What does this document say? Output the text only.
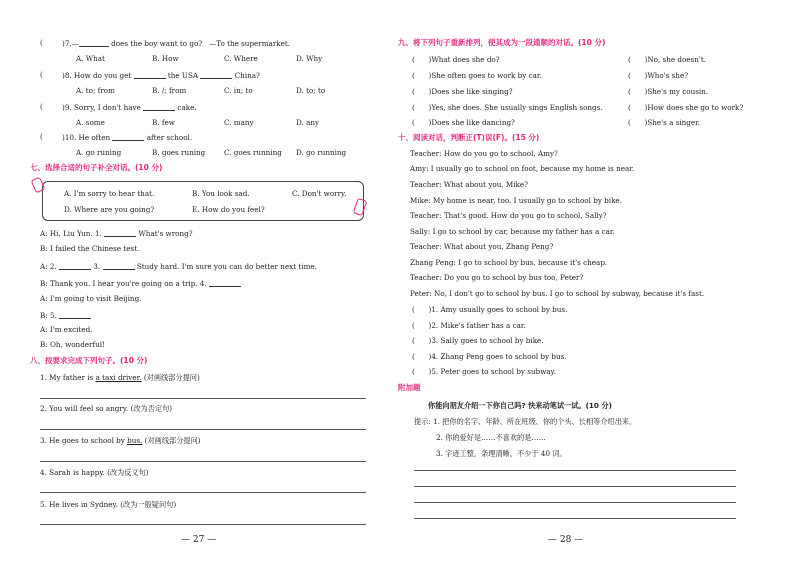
(	)7.—	does the boy want to go? —To the supermarket.
A. What	B. How	C. Where	D. Why
(	)8. How do you get	the USA	China?
A. to; from	B. /; from	C. in; to	D. to; to
(	)9. Sorry, I don't have	cake.
A. some	B. few	C. many	D. any
(	)10. He often	after school.
A. go runing	B. goes runing	C. goes running D. go running
七、选择合适的句子补全对话。(10 分)
A. I'm sorry to hear that.	B. You look sad.	C. Don't worry.
D. Where are you going?	E. How do you feel?
A: Hi, Liu Yun. 1.	What's wrong?
B: I failed the Chinese test.
A: 2.	3.	Study hard. I'm sure you can do better next time.
B: Thank you. I hear you're going on a trip. 4.
A: I'm going to visit Beijing.
B: 5.
A: I'm excited.
B: Oh, wonderful!
八、按要求完成下列句子。(10 分)
1. My father is a taxi driver. (对画线部分提问)
2. You will feel so angry. (改为否定句)
3. He goes to school by bus. (对画线部分提问)
4. Sarah is happy. (改为反义句)
5. He lives in Sydney. (改为一般疑问句)
— 27 —
九、将下列句子重新排列，使其成为一段通顺的对话。(10 分)
(      )What does she do?
(      )She often goes to work by car.
(      )Does she like singing?
(      )Yes, she does. She usually sings English songs.
(      )Does she like dancing?
(      )No, she doesn't.
(      )Who's she?
(      )She's my cousin.
(      )How does she go to work?
(      )She's a singer.
十、阅读对话，判断正(T)误(F)。(15 分)
Teacher: How do you go to school, Amy?
Amy: I usually go to school on foot, because my home is near.
Teacher: What about you, Mike?
Mike: My home is near, too. I usually go to school by bike.
Teacher: That's good. How do you go to school, Sally?
Sally: I go to school by car, because my father has a car.
Teacher: What about you, Zhang Peng?
Zhang Peng: I go to school by bus, because it's cheap.
Teacher: Do you go to school by bus too, Peter?
Peter: No, I don't go to school by bus. I go to school by subway, because it's fast.
(      )1. Amy usually goes to school by bus.
(      )2. Mike's father has a car.
(      )3. Sally goes to school by bike.
(      )4. Zhang Peng goes to school by bus.
(      )5. Peter goes to school by subway.
附加题
你能向朋友介绍一下你自己吗? 快来动笔试一试。(10 分)
提示: 1. 把你的名字、年龄、所在班级、你的个头、长相等介绍出来。
2. 你的爱好是……不喜欢的是……
3. 字迹工整，条理清晰，不少于 40 词。
— 28 —
